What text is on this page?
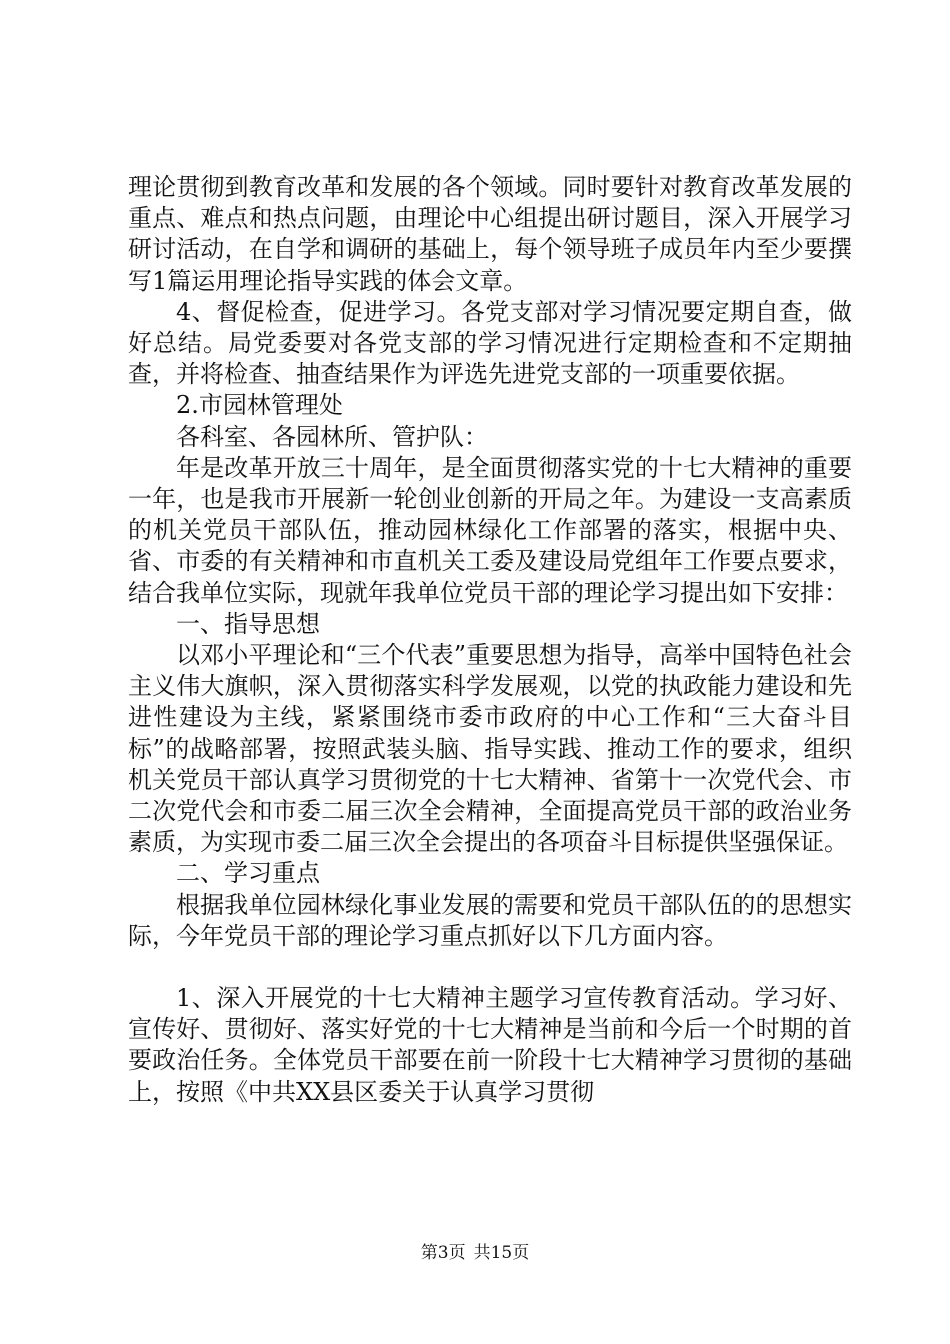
理论贯彻到教育改革和发展的各个领域。同时要针对教育改革发展的重点、难点和热点问题，由理论中心组提出研讨题目，深入开展学习研讨活动，在自学和调研的基础上，每个领导班子成员年内至少要撰写1篇运用理论指导实践的体会文章。

4、督促检查，促进学习。各党支部对学习情况要定期自查，做好总结。局党委要对各党支部的学习情况进行定期检查和不定期抽查，并将检查、抽查结果作为评选先进党支部的一项重要依据。

2.市园林管理处

各科室、各园林所、管护队：

年是改革开放三十周年，是全面贯彻落实党的十七大精神的重要一年，也是我市开展新一轮创业创新的开局之年。为建设一支高素质的机关党员干部队伍，推动园林绿化工作部署的落实，根据中央、省、市委的有关精神和市直机关工委及建设局党组年工作要点要求，结合我单位实际，现就年我单位党员干部的理论学习提出如下安排：

一、指导思想

以邓小平理论和“三个代表”重要思想为指导，高举中国特色社会主义伟大旗帜，深入贯彻落实科学发展观，以党的执政能力建设和先进性建设为主线，紧紧围绕市委市政府的中心工作和“三大奋斗目标”的战略部署，按照武装头脑、指导实践、推动工作的要求，组织机关党员干部认真学习贯彻党的十七大精神、省第十一次党代会、市二次党代会和市委二届三次全会精神，全面提高党员干部的政治业务素质，为实现市委二届三次全会提出的各项奋斗目标提供坚强保证。

二、学习重点

根据我单位园林绿化事业发展的需要和党员干部队伍的的思想实际，今年党员干部的理论学习重点抓好以下几方面内容。

1、深入开展党的十七大精神主题学习宣传教育活动。学习好、宣传好、贯彻好、落实好党的十七大精神是当前和今后一个时期的首要政治任务。全体党员干部要在前一阶段十七大精神学习贯彻的基础上，按照《中共XX县区委关于认真学习贯彻

第3页 共15页
